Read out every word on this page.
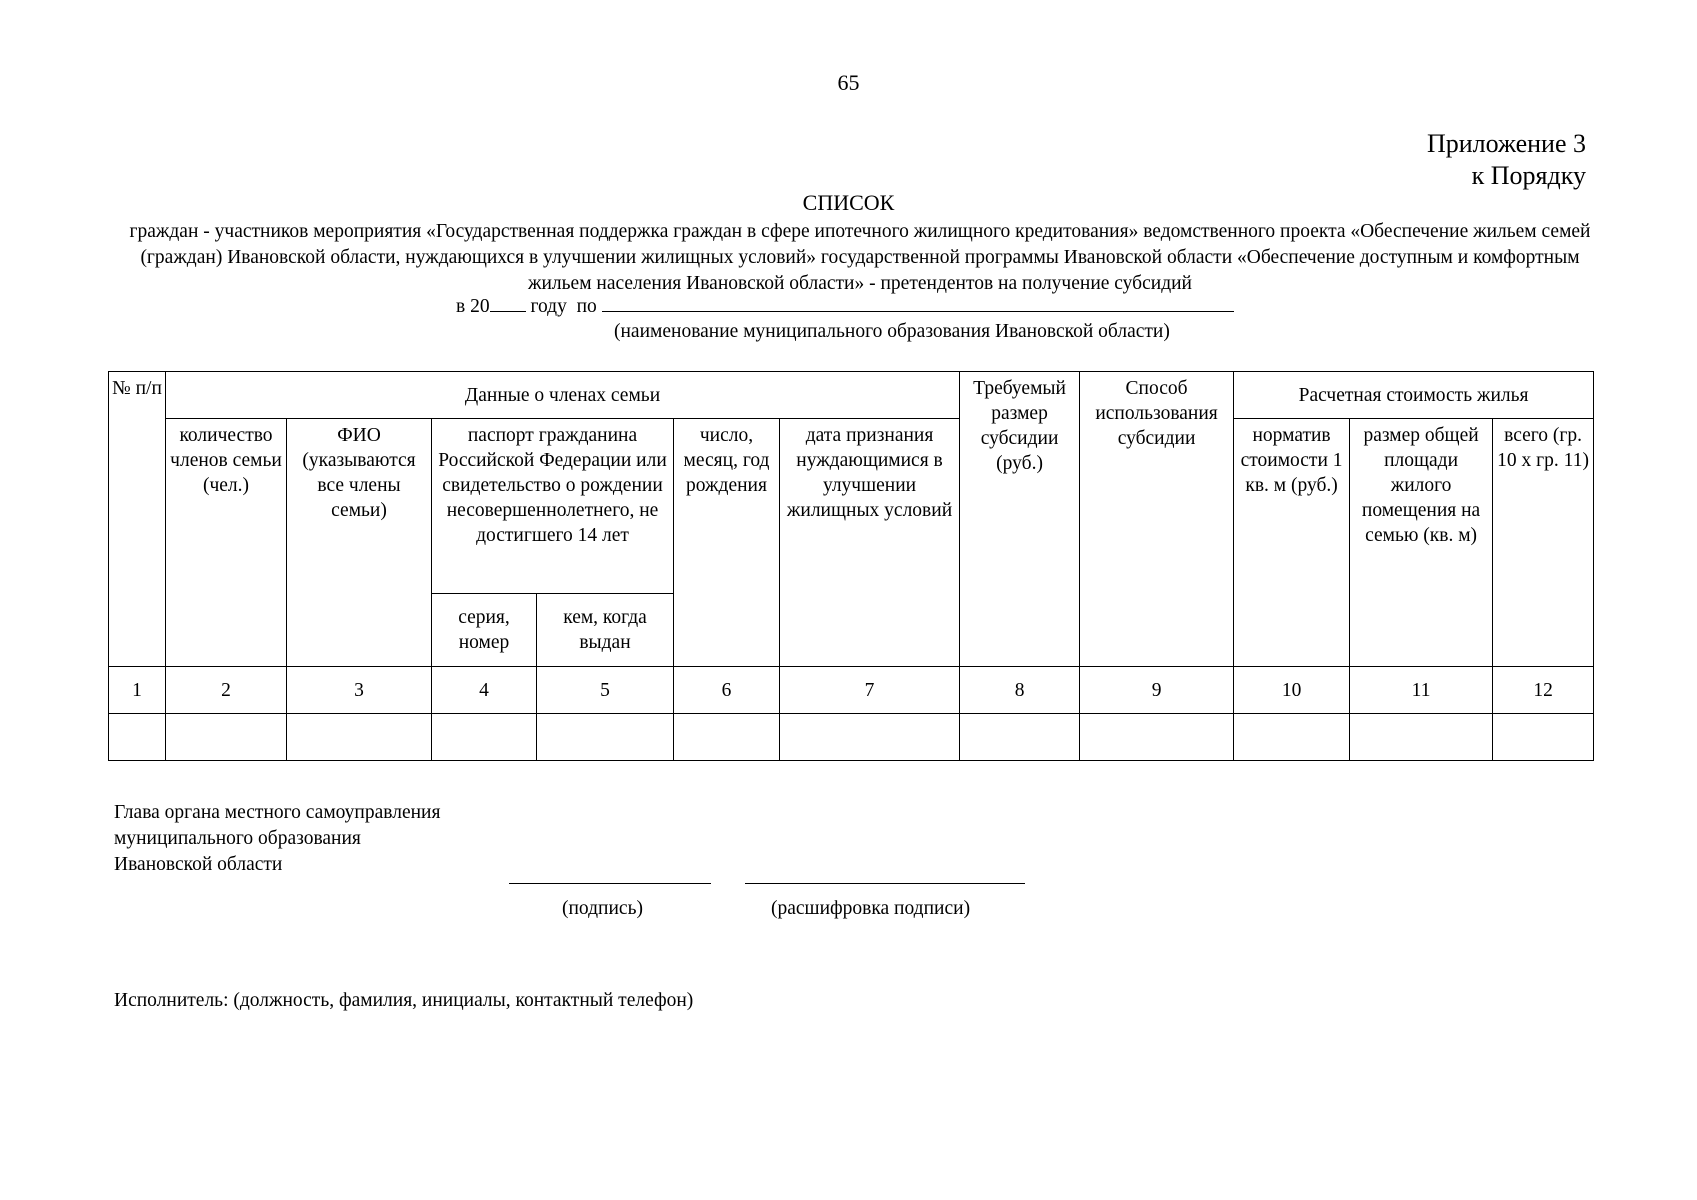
65
Приложение 3
к Порядку
СПИСОК
граждан - участников мероприятия «Государственная поддержка граждан в сфере ипотечного жилищного кредитования» ведомственного проекта «Обеспечение жильем семей (граждан) Ивановской области, нуждающихся в улучшении жилищных условий» государственной программы Ивановской области «Обеспечение доступным и комфортным жильем населения Ивановской области» - претендентов на получение субсидий
в 20 году  по
(наименование муниципального образования Ивановской области)
№ п/п	Данные о членах семьи						Требуемый размер субсидии (руб.)	Способ использования субсидии	Расчетная стоимость жилья		
	количество членов семьи (чел.)	ФИО (указываются все члены семьи)	паспорт гражданина Российской Федерации или свидетельство о рождении несовершеннолетнего, не достигшего 14 лет		число, месяц, год рождения	дата признания нуждающимися в улучшении жилищных условий			норматив стоимости 1 кв. м (руб.)	размер общей площади жилого помещения на семью (кв. м)	всего (гр. 10 х гр. 11)
			серия, номер	кем, когда выдан							
1	2	3	4	5	6	7	8	9	10	11	12

Глава органа местного самоуправления
муниципального образования
Ивановской области
(подпись)	(расшифровка подписи)
Исполнитель: (должность, фамилия, инициалы, контактный телефон)
